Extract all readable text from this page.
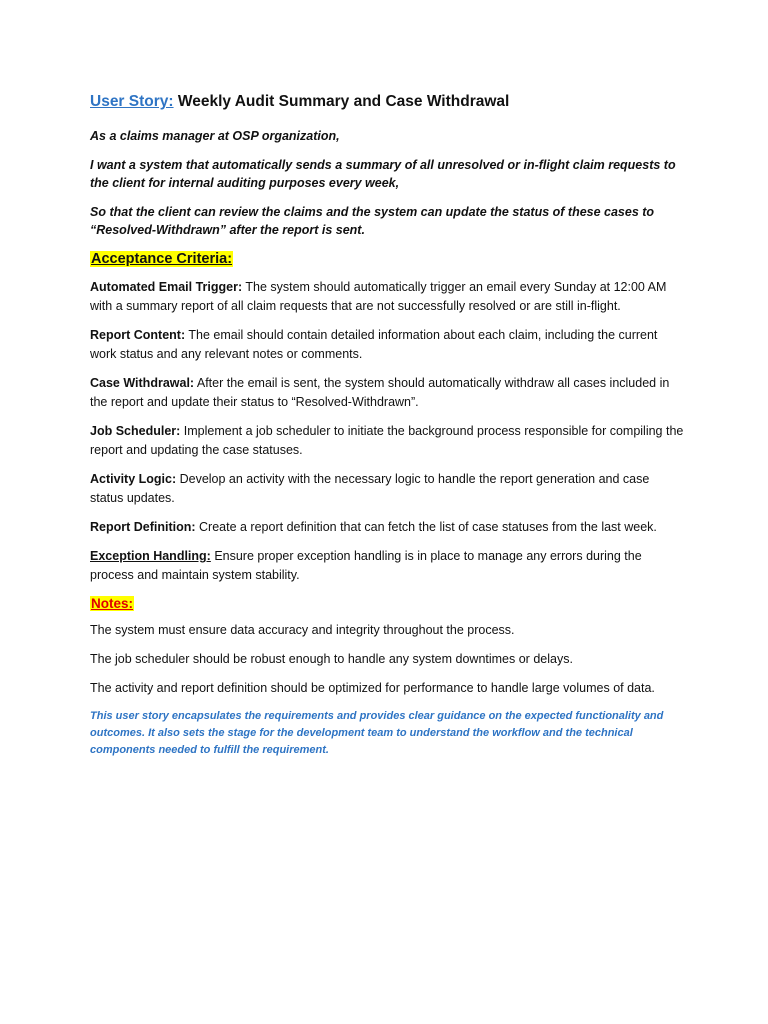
User Story: Weekly Audit Summary and Case Withdrawal

As a claims manager at OSP organization,

I want a system that automatically sends a summary of all unresolved or in-flight claim requests to the client for internal auditing purposes every week,

So that the client can review the claims and the system can update the status of these cases to “Resolved-Withdrawn” after the report is sent.

Acceptance Criteria:

Automated Email Trigger: The system should automatically trigger an email every Sunday at 12:00 AM with a summary report of all claim requests that are not successfully resolved or are still in-flight.

Report Content: The email should contain detailed information about each claim, including the current work status and any relevant notes or comments.

Case Withdrawal: After the email is sent, the system should automatically withdraw all cases included in the report and update their status to “Resolved-Withdrawn”.

Job Scheduler: Implement a job scheduler to initiate the background process responsible for compiling the report and updating the case statuses.

Activity Logic: Develop an activity with the necessary logic to handle the report generation and case status updates.

Report Definition: Create a report definition that can fetch the list of case statuses from the last week.

Exception Handling: Ensure proper exception handling is in place to manage any errors during the process and maintain system stability.

Notes:

The system must ensure data accuracy and integrity throughout the process.

The job scheduler should be robust enough to handle any system downtimes or delays.

The activity and report definition should be optimized for performance to handle large volumes of data.

This user story encapsulates the requirements and provides clear guidance on the expected functionality and outcomes. It also sets the stage for the development team to understand the workflow and the technical components needed to fulfill the requirement.
